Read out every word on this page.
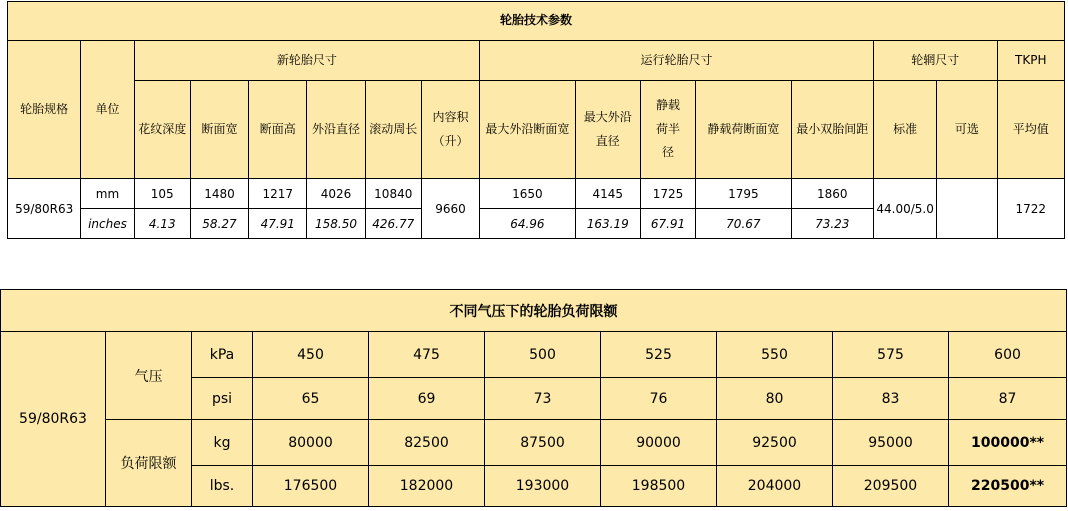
轮胎技术参数															
轮胎规格	单位	新轮胎尺寸						运行轮胎尺寸					轮辋尺寸		TKPH
		花纹深度	断面宽	断面高	外沿直径	滚动周长	内容积（升）	最大外沿断面宽	最大外沿直径	静载荷半径	静载荷断面宽	最小双胎间距	标准	可选	平均值
59/80R63	mm	105	1480	1217	4026	10840	9660	1650	4145	1725	1795	1860	44.00/5.0		1722
	inches	4.13	58.27	47.91	158.50	426.77		64.96	163.19	67.91	70.67	73.23			
不同气压下的轮胎负荷限额									
59/80R63	气压	kPa	450	475	500	525	550	575	600
		psi	65	69	73	76	80	83	87
	负荷限额	kg	80000	82500	87500	90000	92500	95000	100000**
		lbs.	176500	182000	193000	198500	204000	209500	220500**
